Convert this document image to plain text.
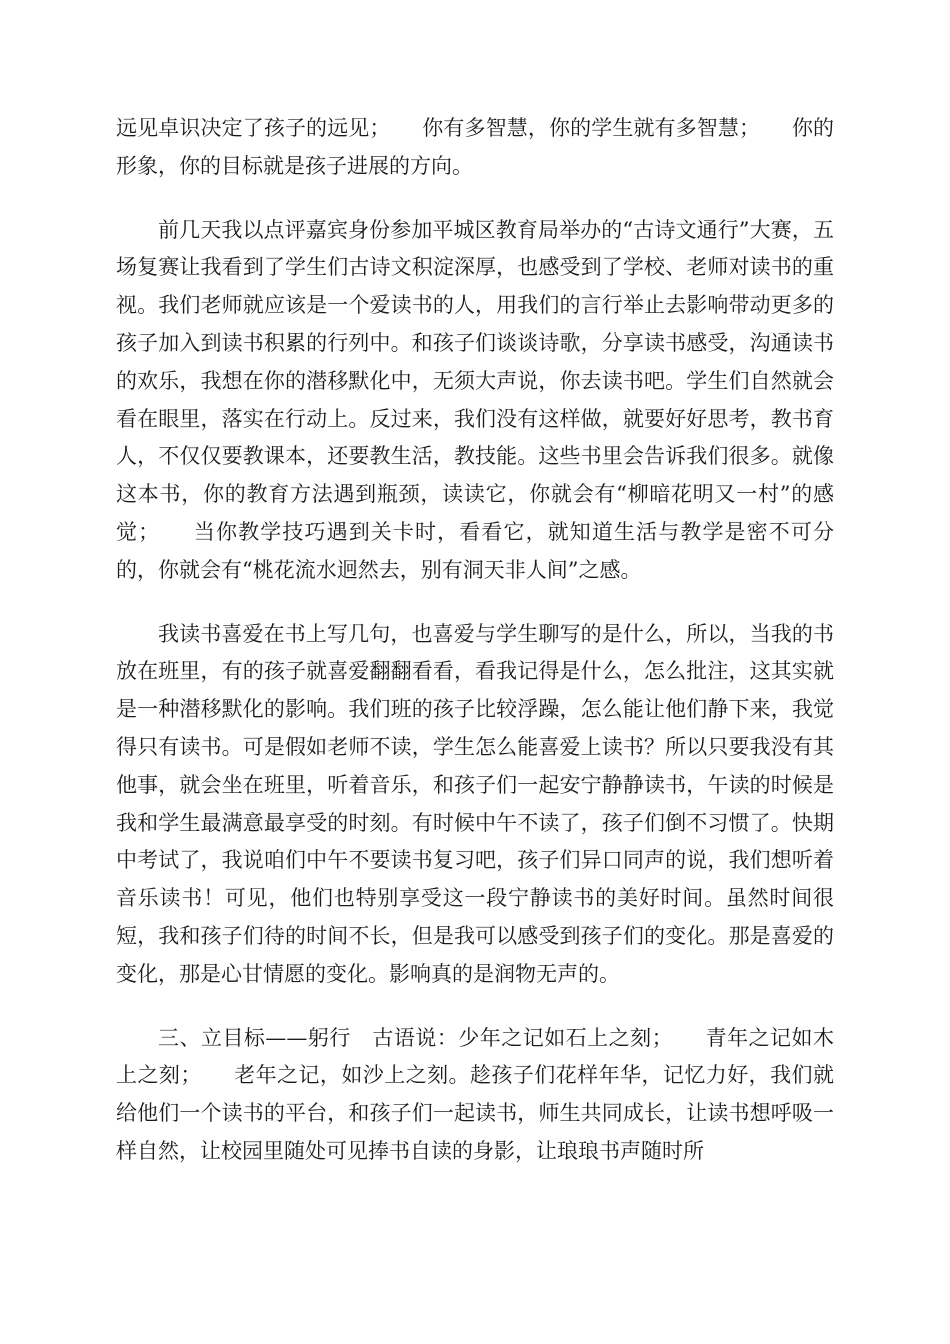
远见卓识决定了孩子的远见；　　你有多智慧，你的学生就有多智慧；　　你的形象，你的目标就是孩子进展的方向。

前几天我以点评嘉宾身份参加平城区教育局举办的“古诗文通行”大赛，五场复赛让我看到了学生们古诗文积淀深厚，也感受到了学校、老师对读书的重视。我们老师就应该是一个爱读书的人，用我们的言行举止去影响带动更多的孩子加入到读书积累的行列中。和孩子们谈谈诗歌，分享读书感受，沟通读书的欢乐，我想在你的潜移默化中，无须大声说，你去读书吧。学生们自然就会看在眼里，落实在行动上。反过来，我们没有这样做，就要好好思考，教书育人，不仅仅要教课本，还要教生活，教技能。这些书里会告诉我们很多。就像这本书，你的教育方法遇到瓶颈，读读它，你就会有“柳暗花明又一村”的感觉；　　当你教学技巧遇到关卡时，看看它，就知道生活与教学是密不可分的，你就会有“桃花流水迥然去，别有洞天非人间”之感。

我读书喜爱在书上写几句，也喜爱与学生聊写的是什么，所以，当我的书放在班里，有的孩子就喜爱翻翻看看，看我记得是什么，怎么批注，这其实就是一种潜移默化的影响。我们班的孩子比较浮躁，怎么能让他们静下来，我觉得只有读书。可是假如老师不读，学生怎么能喜爱上读书？所以只要我没有其他事，就会坐在班里，听着音乐，和孩子们一起安宁静静读书，午读的时候是我和学生最满意最享受的时刻。有时候中午不读了，孩子们倒不习惯了。快期中考试了，我说咱们中午不要读书复习吧，孩子们异口同声的说，我们想听着音乐读书！可见，他们也特别享受这一段宁静读书的美好时间。虽然时间很短，我和孩子们待的时间不长，但是我可以感受到孩子们的变化。那是喜爱的变化，那是心甘情愿的变化。影响真的是润物无声的。

三、立目标——躬行　古语说：少年之记如石上之刻；　　青年之记如木上之刻；　　老年之记，如沙上之刻。趁孩子们花样年华，记忆力好，我们就给他们一个读书的平台，和孩子们一起读书，师生共同成长，让读书想呼吸一样自然，让校园里随处可见捧书自读的身影，让琅琅书声随时所
